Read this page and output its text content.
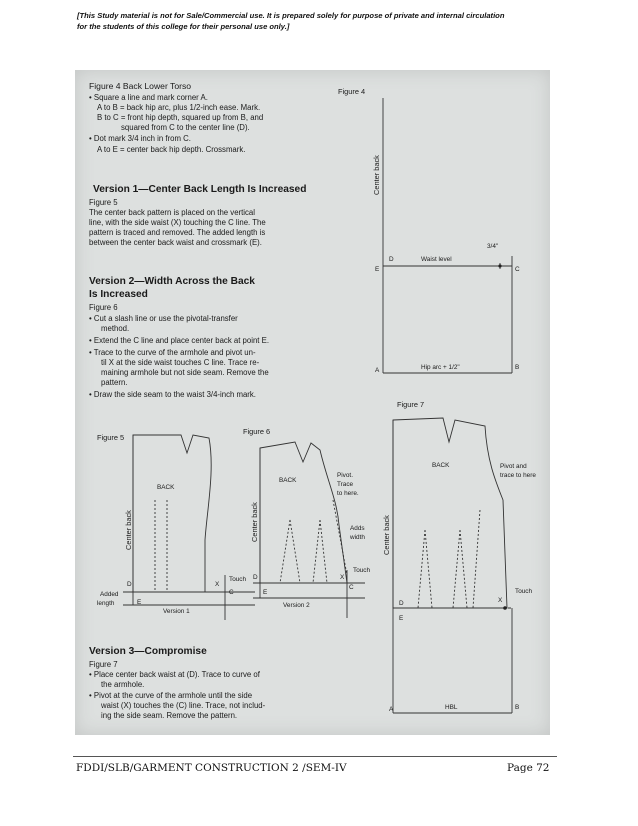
[This Study material is not for Sale/Commercial use. It is prepared solely for purpose of private and internal circulation
for the students of this college for their personal use only.]
Figure 4 Back Lower Torso
• Square a line and mark corner A.
A to B = back hip arc, plus 1/2-inch ease. Mark.
B to C = front hip depth, squared up from B, and
squared from C to the center line (D).
• Dot mark 3/4 inch in from C.
A to E = center back hip depth. Crossmark.
Version 1—Center Back Length Is Increased
Figure 5
The center back pattern is placed on the vertical
line, with the side waist (X) touching the C line. The
pattern is traced and removed. The added length is
between the center back waist and crossmark (E).
Version 2—Width Across the Back
Is Increased
Figure 6
• Cut a slash line or use the pivotal-transfer
method.
• Extend the C line and place center back at point E.
• Trace to the curve of the armhole and pivot un-
til X at the side waist touches C line. Trace re-
maining armhole but not side seam. Remove the
pattern.
• Draw the side seam to the waist 3/4-inch mark.
Version 3—Compromise
Figure 7
• Place center back waist at (D). Trace to curve of
the armhole.
• Pivot at the curve of the armhole until the side
waist (X) touches the (C) line. Trace, not includ-
ing the side seam. Remove the pattern.
Figure 4
Center back
3/4"
D	Waist level
E	C
A	Hip arc + 1/2"	B
Figure 5
BACK
Center back
D	X
Touch
C
Added
length	E
Version 1
Figure 6
BACK
Center back
Pivot.
Trace
to here.
Adds
width
Touch
D	X
C
E
Version 2
Figure 7
BACK
Center back
Pivot and
trace to here
Touch
D	X
E
HBL
A	B
FDDI/SLB/GARMENT CONSTRUCTION 2 /SEM-IV	Page 72
